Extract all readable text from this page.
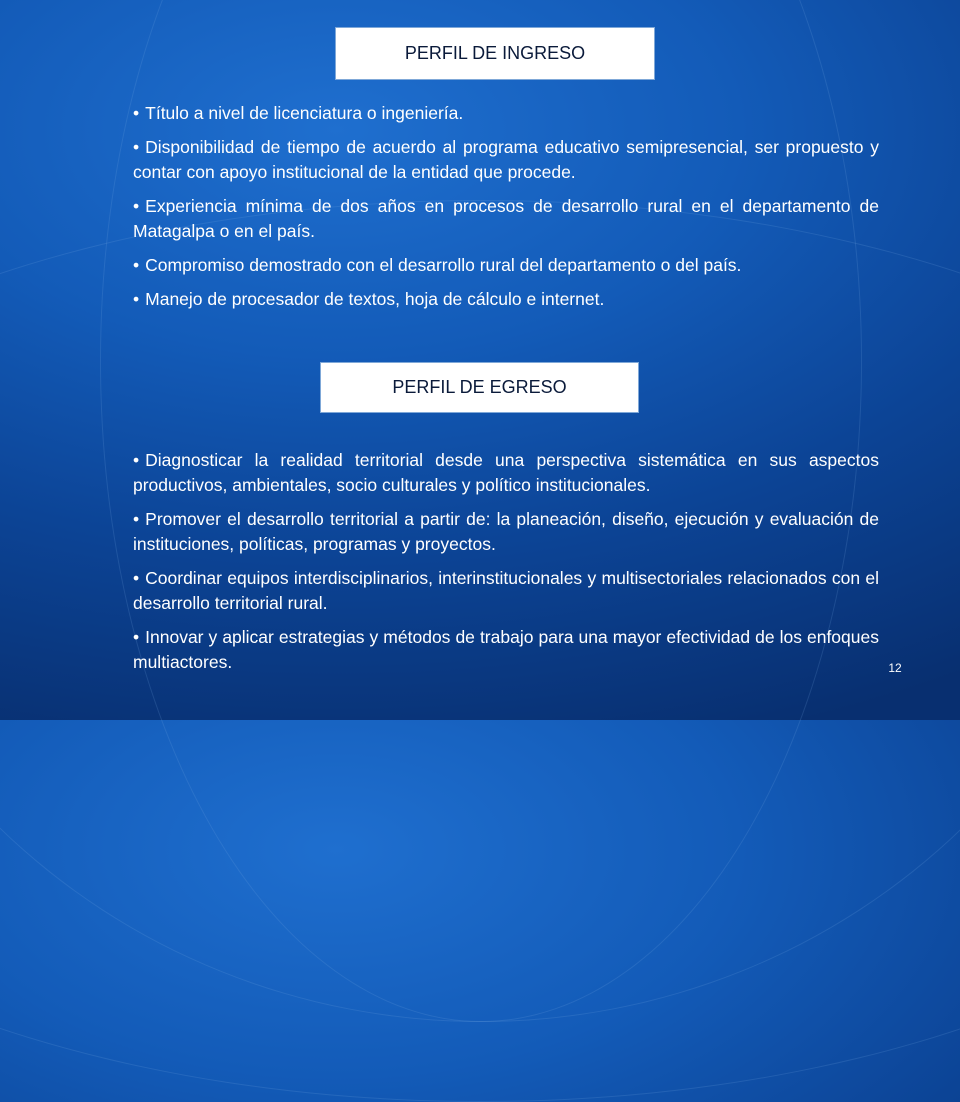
PERFIL DE INGRESO
• Título a nivel de licenciatura o ingeniería.
• Disponibilidad de tiempo de acuerdo al programa educativo semipresencial, ser propuesto y contar con apoyo institucional de la entidad que procede.
• Experiencia mínima de dos años en procesos de desarrollo rural en el departamento de Matagalpa o en el país.
• Compromiso demostrado con el desarrollo rural del departamento o del país.
• Manejo de procesador de textos, hoja de cálculo e internet.
PERFIL DE EGRESO
• Diagnosticar la realidad territorial desde una perspectiva sistemática en sus aspectos productivos, ambientales, socio culturales y político institucionales.
• Promover el desarrollo territorial a partir de: la planeación, diseño, ejecución y evaluación de instituciones, políticas, programas y proyectos.
• Coordinar equipos interdisciplinarios, interinstitucionales y multisectoriales relacionados con el desarrollo territorial rural.
• Innovar y aplicar estrategias y métodos de trabajo para una mayor efectividad de los enfoques multiactores.	12
